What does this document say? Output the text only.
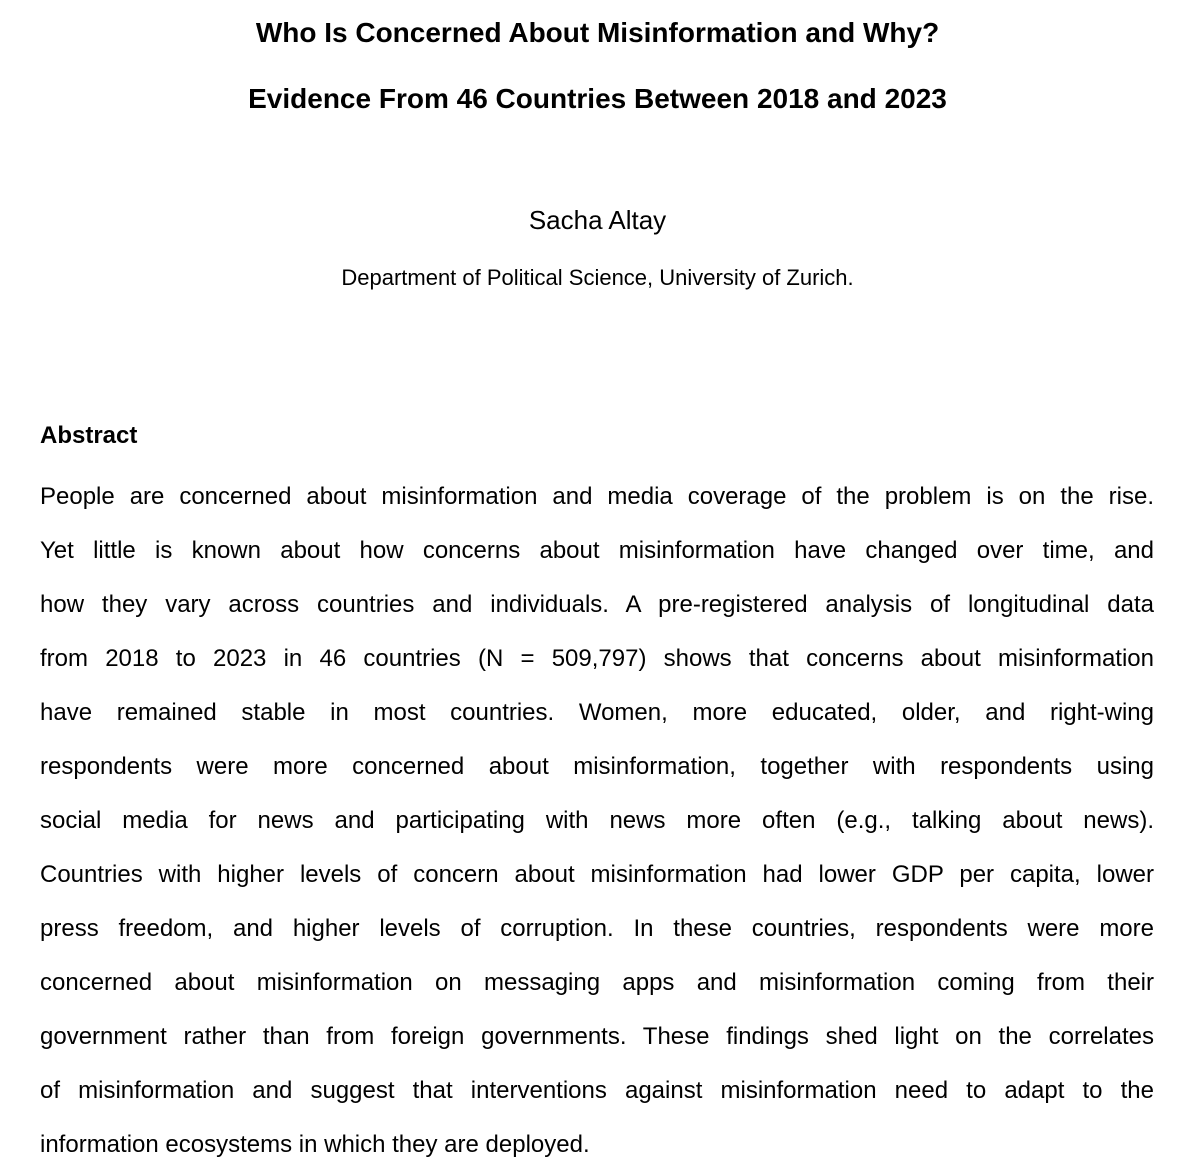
Who Is Concerned About Misinformation and Why?
Evidence From 46 Countries Between 2018 and 2023
Sacha Altay
Department of Political Science, University of Zurich.
Abstract
People are concerned about misinformation and media coverage of the problem is on the rise.
Yet little is known about how concerns about misinformation have changed over time, and
how they vary across countries and individuals. A pre-registered analysis of longitudinal data
from 2018 to 2023 in 46 countries (N = 509,797) shows that concerns about misinformation
have remained stable in most countries. Women, more educated, older, and right-wing
respondents were more concerned about misinformation, together with respondents using
social media for news and participating with news more often (e.g., talking about news).
Countries with higher levels of concern about misinformation had lower GDP per capita, lower
press freedom, and higher levels of corruption. In these countries, respondents were more
concerned about misinformation on messaging apps and misinformation coming from their
government rather than from foreign governments. These findings shed light on the correlates
of misinformation and suggest that interventions against misinformation need to adapt to the
information ecosystems in which they are deployed.
